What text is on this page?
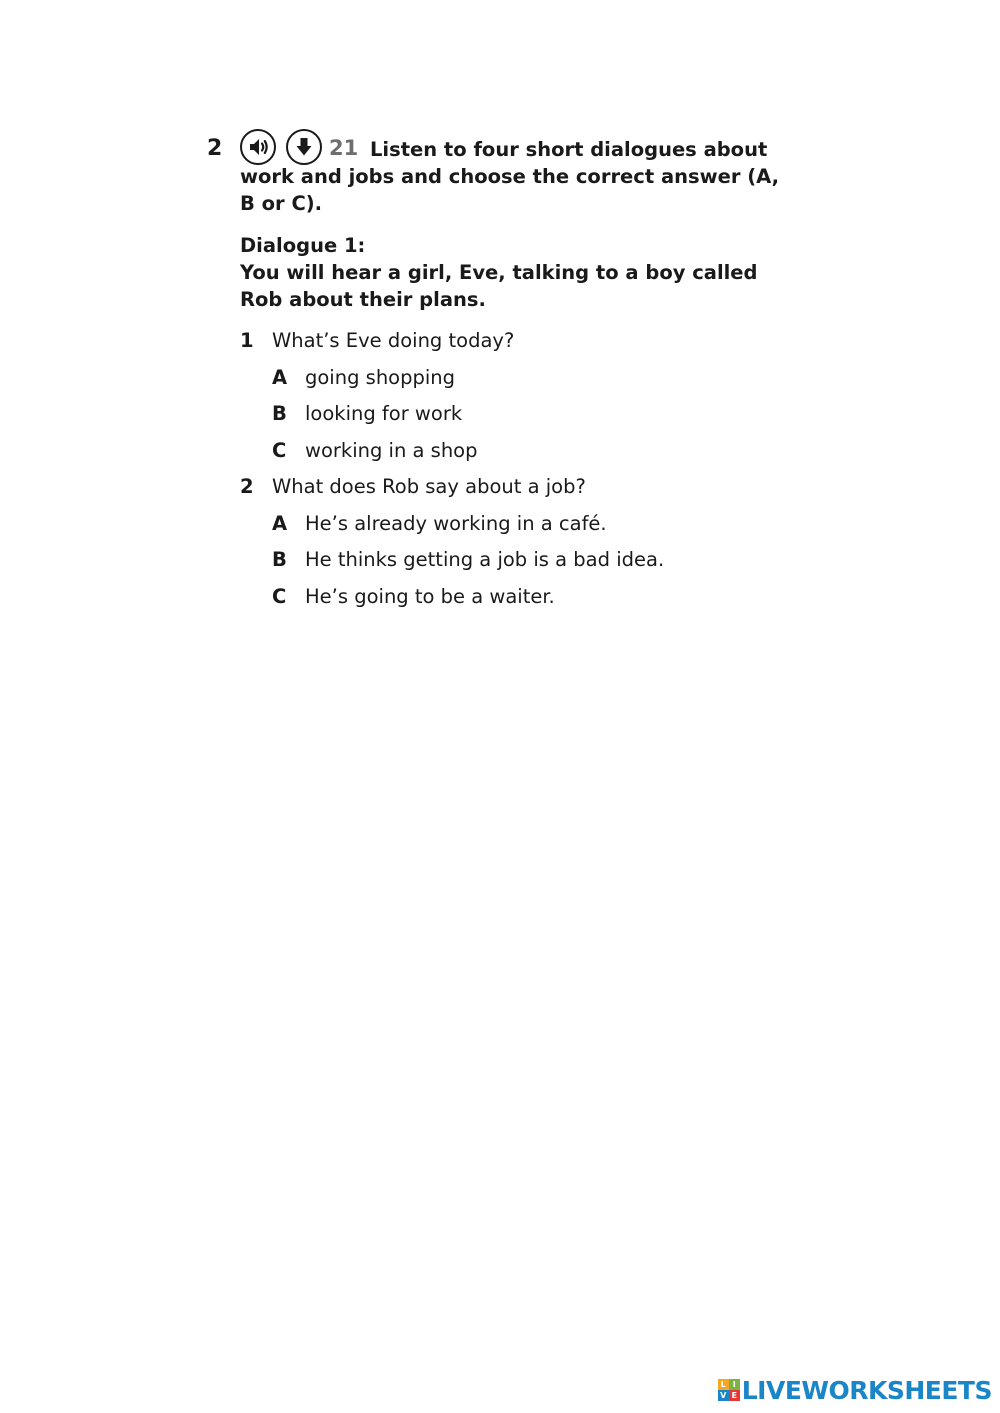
2	21 Listen to four short dialogues about work and jobs and choose the correct answer (A, B or C).

Dialogue 1:
You will hear a girl, Eve, talking to a boy called Rob about their plans.
1 What’s Eve doing today?
A going shopping
B looking for work
C working in a shop
2 What does Rob say about a job?
A He’s already working in a café.
B He thinks getting a job is a bad idea.
C He’s going to be a waiter.
L I
V E LIVEWORKSHEETS
